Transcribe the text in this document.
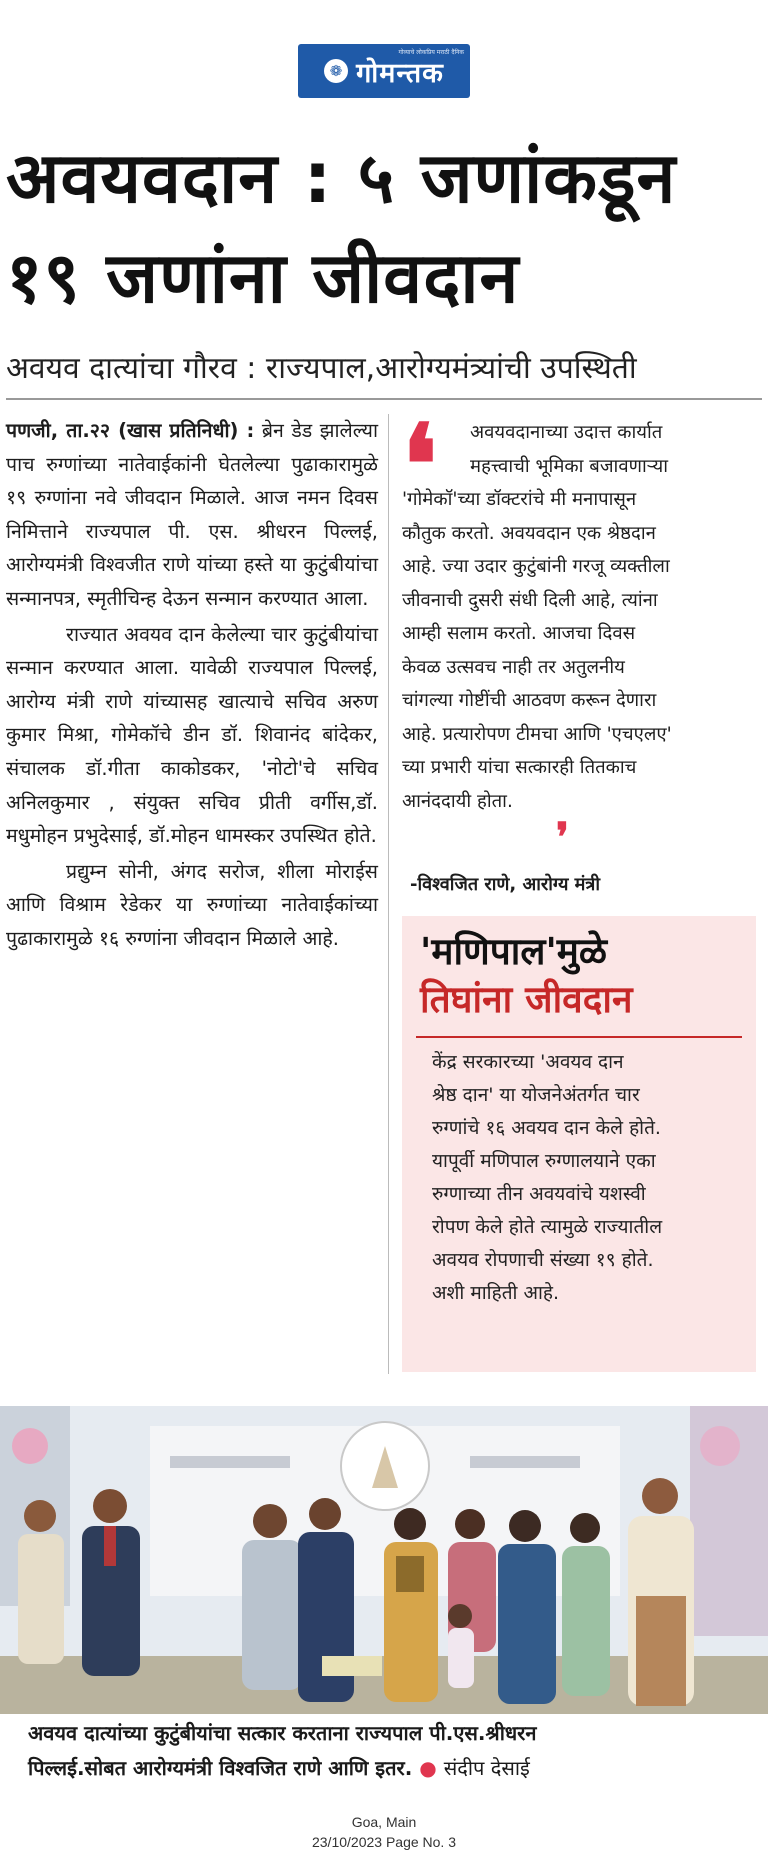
गोव्याचे लोकप्रिय मराठी दैनिक
❁ गोमन्तक
अवयवदान : ५ जणांकडून
१९ जणांना जीवदान
अवयव दात्यांचा गौरव : राज्यपाल,आरोग्यमंत्र्यांची उपस्थिती

पणजी, ता.२२ (खास प्रतिनिधी) : ब्रेन डेड झालेल्या पाच रुग्णांच्या नातेवाईकांनी घेतलेल्या पुढाकारामुळे १९ रुग्णांना नवे जीवदान मिळाले. आज नमन दिवस निमित्ताने राज्यपाल पी. एस. श्रीधरन पिल्लई, आरोग्यमंत्री विश्वजीत राणे यांच्या हस्ते या कुटुंबीयांचा सन्मानपत्र, स्मृतीचिन्ह देऊन सन्मान करण्यात आला.

राज्यात अवयव दान केलेल्या चार कुटुंबीयांचा सन्मान करण्यात आला. यावेळी राज्यपाल पिल्लई, आरोग्य मंत्री राणे यांच्यासह खात्याचे सचिव अरुण कुमार मिश्रा, गोमेकॉचे डीन डॉ. शिवानंद बांदेकर, संचालक डॉ.गीता काकोडकर, 'नोटो'चे सचिव अनिलकुमार , संयुक्त सचिव प्रीती वर्गीस,डॉ. मधुमोहन प्रभुदेसाई, डॉ.मोहन धामस्कर उपस्थित होते.

प्रद्युम्न सोनी, अंगद सरोज, शीला मोराईस आणि विश्राम रेडेकर या रुग्णांच्या नातेवाईकांच्या पुढाकारामुळे १६ रुग्णांना जीवदान मिळाले आहे.

❛	अवयवदानाच्या उदात्त कार्यात
महत्त्वाची भूमिका बजावणाऱ्या
'गोमेकॉ'च्या डॉक्टरांचे मी मनापासून
कौतुक करतो. अवयवदान एक श्रेष्ठदान
आहे. ज्या उदार कुटुंबांनी गरजू व्यक्तीला
जीवनाची दुसरी संधी दिली आहे, त्यांना
आम्ही सलाम करतो. आजचा दिवस
केवळ उत्सवच नाही तर अतुलनीय
चांगल्या गोष्टींची आठवण करून देणारा
आहे. प्रत्यारोपण टीमचा आणि 'एचएलए'
च्या प्रभारी यांचा सत्कारही तितकाच
आनंददायी होता.
❜
-विश्वजित राणे, आरोग्य मंत्री
'मणिपाल'मुळे
तिघांना जीवदान
केंद्र सरकारच्या 'अवयव दान
श्रेष्ठ दान' या योजनेअंतर्गत चार
रुग्णांचे १६ अवयव दान केले होते.
यापूर्वी मणिपाल रुग्णालयाने एका
रुग्णाच्या तीन अवयवांचे यशस्वी
रोपण केले होते त्यामुळे राज्यातील
अवयव रोपणाची संख्या १९ होते.
अशी माहिती आहे.
अवयव दात्यांच्या कुटुंबीयांचा सत्कार करताना राज्यपाल पी.एस.श्रीधरन
पिल्लई.सोबत आरोग्यमंत्री विश्वजित राणे आणि इतर. ● संदीप देसाई
Goa, Main
23/10/2023 Page No. 3
